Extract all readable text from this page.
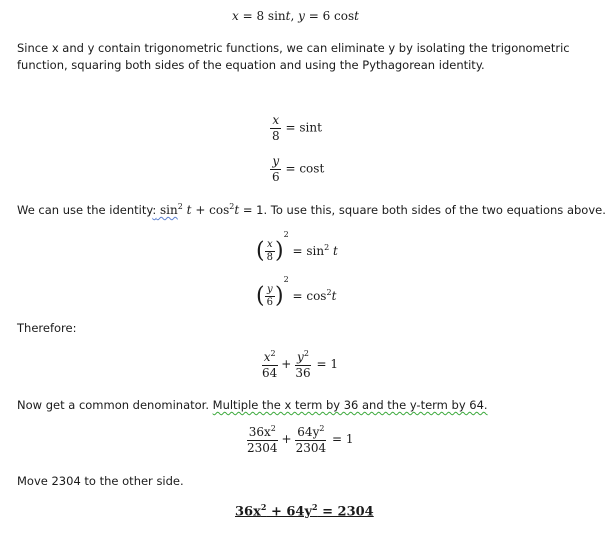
x = 8 sint, y = 6 cost
Since x and y contain trigonometric functions, we can eliminate y by isolating the trigonometric function, squaring both sides of the equation and using the Pythagorean identity.
$\frac{x}{8} = \sin t$
$\frac{y}{6} = \cos t$
We can use the identity: $\sin^2 t + \cos^2t = 1$. To use this, square both sides of the two equations above.
( $\frac{x}{8} )^2 = \sin^2 t$
( $\frac{y}{6} )^2 = \cos^2t$
Therefore:
$\frac{x^2}{64} + \frac{y^2}{36} = 1$
Now get a common denominator. Multiple the x term by 36 and the y-term by 64.
$\frac{36x^2}{2304} + \frac{64y^2}{2304} = 1$
Move 2304 to the other side.
$36x^2 + 64y^2 = 2304$
